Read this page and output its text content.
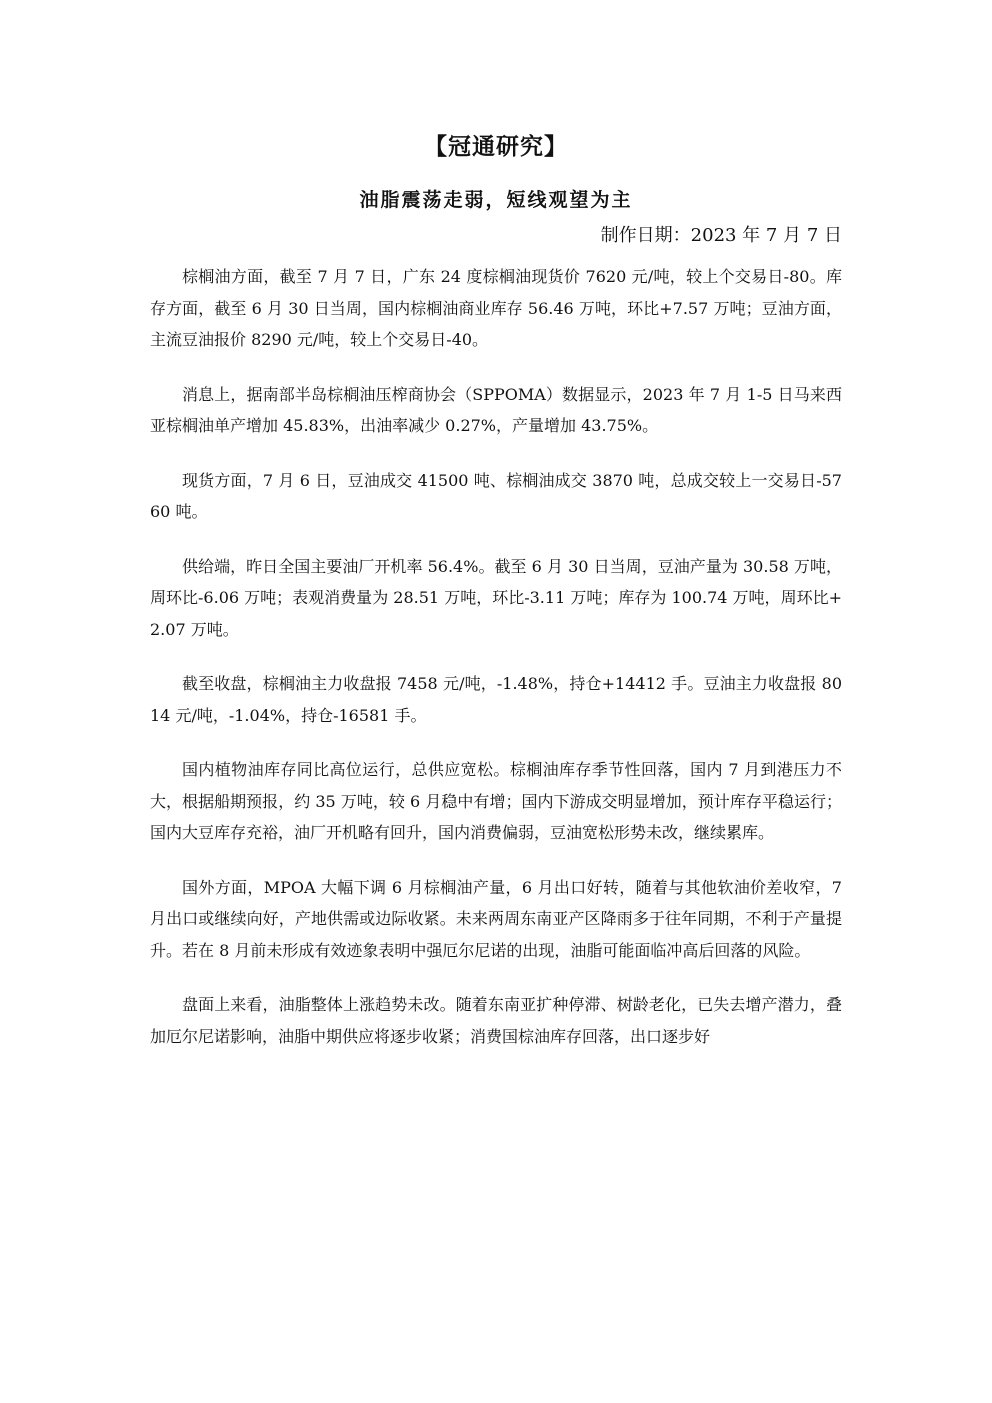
【冠通研究】
油脂震荡走弱，短线观望为主
制作日期：2023 年 7 月 7 日

棕榈油方面，截至 7 月 7 日，广东 24 度棕榈油现货价 7620 元/吨，较上个交易日-80。库存方面，截至 6 月 30 日当周，国内棕榈油商业库存 56.46 万吨，环比+7.57 万吨；豆油方面，主流豆油报价 8290 元/吨，较上个交易日-40。

消息上，据南部半岛棕榈油压榨商协会（SPPOMA）数据显示，2023 年 7 月 1-5 日马来西亚棕榈油单产增加 45.83%，出油率减少 0.27%，产量增加 43.75%。

现货方面，7 月 6 日，豆油成交 41500 吨、棕榈油成交 3870 吨，总成交较上一交易日-5760 吨。

供给端，昨日全国主要油厂开机率 56.4%。截至 6 月 30 日当周，豆油产量为 30.58 万吨，周环比-6.06 万吨；表观消费量为 28.51 万吨，环比-3.11 万吨；库存为 100.74 万吨，周环比+2.07 万吨。

截至收盘，棕榈油主力收盘报 7458 元/吨，-1.48%，持仓+14412 手。豆油主力收盘报 8014 元/吨，-1.04%，持仓-16581 手。

国内植物油库存同比高位运行，总供应宽松。棕榈油库存季节性回落，国内 7 月到港压力不大，根据船期预报，约 35 万吨，较 6 月稳中有增；国内下游成交明显增加，预计库存平稳运行；国内大豆库存充裕，油厂开机略有回升，国内消费偏弱，豆油宽松形势未改，继续累库。

国外方面，MPOA 大幅下调 6 月棕榈油产量，6 月出口好转，随着与其他软油价差收窄，7 月出口或继续向好，产地供需或边际收紧。未来两周东南亚产区降雨多于往年同期，不利于产量提升。若在 8 月前未形成有效迹象表明中强厄尔尼诺的出现，油脂可能面临冲高后回落的风险。

盘面上来看，油脂整体上涨趋势未改。随着东南亚扩种停滞、树龄老化，已失去增产潜力，叠加厄尔尼诺影响，油脂中期供应将逐步收紧；消费国棕油库存回落，出口逐步好
